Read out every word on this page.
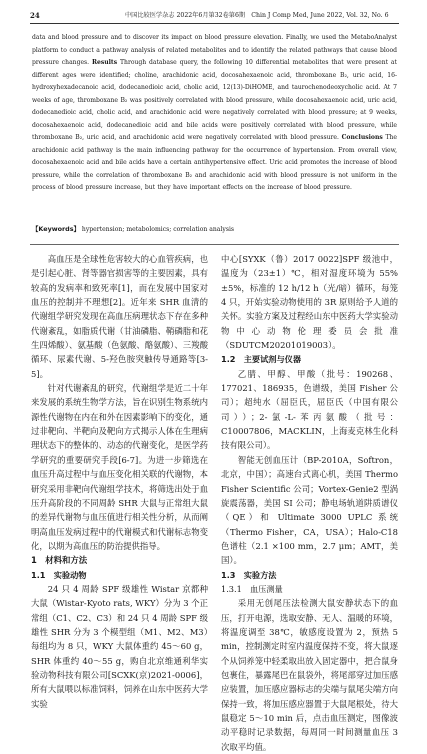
24	中国比较医学杂志 2022年6月第32卷第6期　Chin J Comp Med, June 2022, Vol. 32, No. 6
data and blood pressure and to discover its impact on blood pressure elevation. Finally, we used the MetaboAnalyst platform to conduct a pathway analysis of related metabolites and to identify the related pathways that cause blood pressure changes. Results Through database query, the following 10 differential metabolites that were present at different ages were identified; choline, arachidonic acid, docosahexaenoic acid, thromboxane B₂, uric acid, 16-hydroxyhexadecanoic acid, dodecanedioic acid, cholic acid, 12(13)-DiHOME, and taurochenodeoxycholic acid. At 7 weeks of age, thromboxane B₂ was positively correlated with blood pressure, while docosahexaenoic acid, uric acid, dodecanedioic acid, cholic acid, and arachidonic acid were negatively correlated with blood pressure; at 9 weeks, docosahexaenoic acid, dodecanedioic acid and bile acids were positively correlated with blood pressure, while thromboxane B₂, uric acid, and arachidonic acid were negatively correlated with blood pressure. Conclusions The arachidonic acid pathway is the main influencing pathway for the occurrence of hypertension. From overall view, docosahexaenoic acid and bile acids have a certain antihypertensive effect. Uric acid promotes the increase of blood pressure, while the correlation of thromboxane B₂ and arachidonic acid with blood pressure is not uniform in the process of blood pressure increase, but they have important effects on the increase of blood pressure.
【Keywords】 hypertension; metabolomics; correlation analysis

高血压是全球性危害较大的心血管疾病，也是引起心脏、肾等器官损害等的主要因素，具有较高的发病率和致死率[1]，而在发展中国家对血压的控制并不理想[2]。近年来 SHR 血清的代谢组学研究发现在高血压病理状态下存在多种代谢紊乱，如脂质代谢（甘油磷脂、鞘磷脂和花生四烯酸）、氨基酸（色氨酸、酪氨酸）、三羧酸循环、尿素代谢、5-羟色胺突触传导通路等[3-5]。

针对代谢紊乱的研究，代谢组学是近二十年来发展的系统生物学方法，旨在识别生物系统内源性代谢物在内在和外在因素影响下的变化，通过非靶向、半靶向及靶向方式揭示人体在生理病理状态下的整体的、动态的代谢变化，是医学药学研究的重要研究手段[6-7]。为进一步筛选在血压升高过程中与血压变化相关联的代谢物，本研究采用非靶向代谢组学技术，将筛选出处于血压升高阶段的不同周龄 SHR 大鼠与正常组大鼠的差异代谢物与血压值进行相关性分析，从而阐明高血压发病过程中的代谢模式和代谢标志物变化，以期为高血压的防治提供指导。

1　材料和方法

1.1　实验动物

24 只 4 周龄 SPF 级雄性 Wistar 京都种大鼠（Wistar-Kyoto rats, WKY）分为 3 个正常组（C1、C2、C3）和 24 只 4 周龄 SPF 级雄性 SHR 分为 3 个模型组（M1、M2、M3）每组均为 8 只，WKY 大鼠体重约 45～60 g，SHR 体重约 40～55 g，购自北京维通利华实验动物科技有限公司[SCXK(京)2021-0006]，所有大鼠喂以标准饲料，饲养在山东中医药大学实验

中心[SYXK（鲁）2017 0022]SPF 级池中，温度为（23±1）℃，相对湿度环境为 55%±5%，标准的 12 h/12 h（光/暗）循环，每笼 4 只，开始实验动物使用的 3R 原则给予人道的关怀。实验方案及过程经山东中医药大学实验动物中心动物伦理委员会批准（SDUTCM20201019003）。

1.2　主要试剂与仪器

乙腈、甲醇、甲酸（批号：190268、177021、186935，色谱级，美国 Fisher 公司）；超纯水（屈臣氏，屈臣氏（中国有限公司））；2-氯-L-苯丙氨酸（批号：C10007806，MACKLIN，上海麦克林生化科技有限公司）。

智能无创血压计（BP-2010A，Softron，北京，中国）；高速台式离心机，美国 Thermo Fisher Scientific 公司；Vortex-Genie2 型涡旋震荡器，美国 SI 公司；静电场轨道阱质谱仪（QE）和 Ultimate 3000 UPLC 系统（Thermo Fisher，CA，USA）；Halo-C18 色谱柱（2.1 ×100 mm，2.7 μm；AMT，美国）。

1.3　实验方法

1.3.1　血压测量

采用无创尾压法检测大鼠安静状态下的血压，打开电源，选取安静、无人、温暖的环境，将温度调至 38℃，敏感度设置为 2，预热 5 min，控制测定时室内温度保持不变，将大鼠逐个从饲养笼中轻柔取出放入固定器中，把合鼠身包裹住，暴露尾巴在鼠袋外，将尾部穿过加压感应装置，加压感应器标志的尖端与鼠尾尖端方向保持一致，将加压感应器置于大鼠尾根处，待大鼠稳定 5～10 min 后，点击血压测定，图像波动平稳时记录数据，每周同一时间测量血压 3 次取平均值。
